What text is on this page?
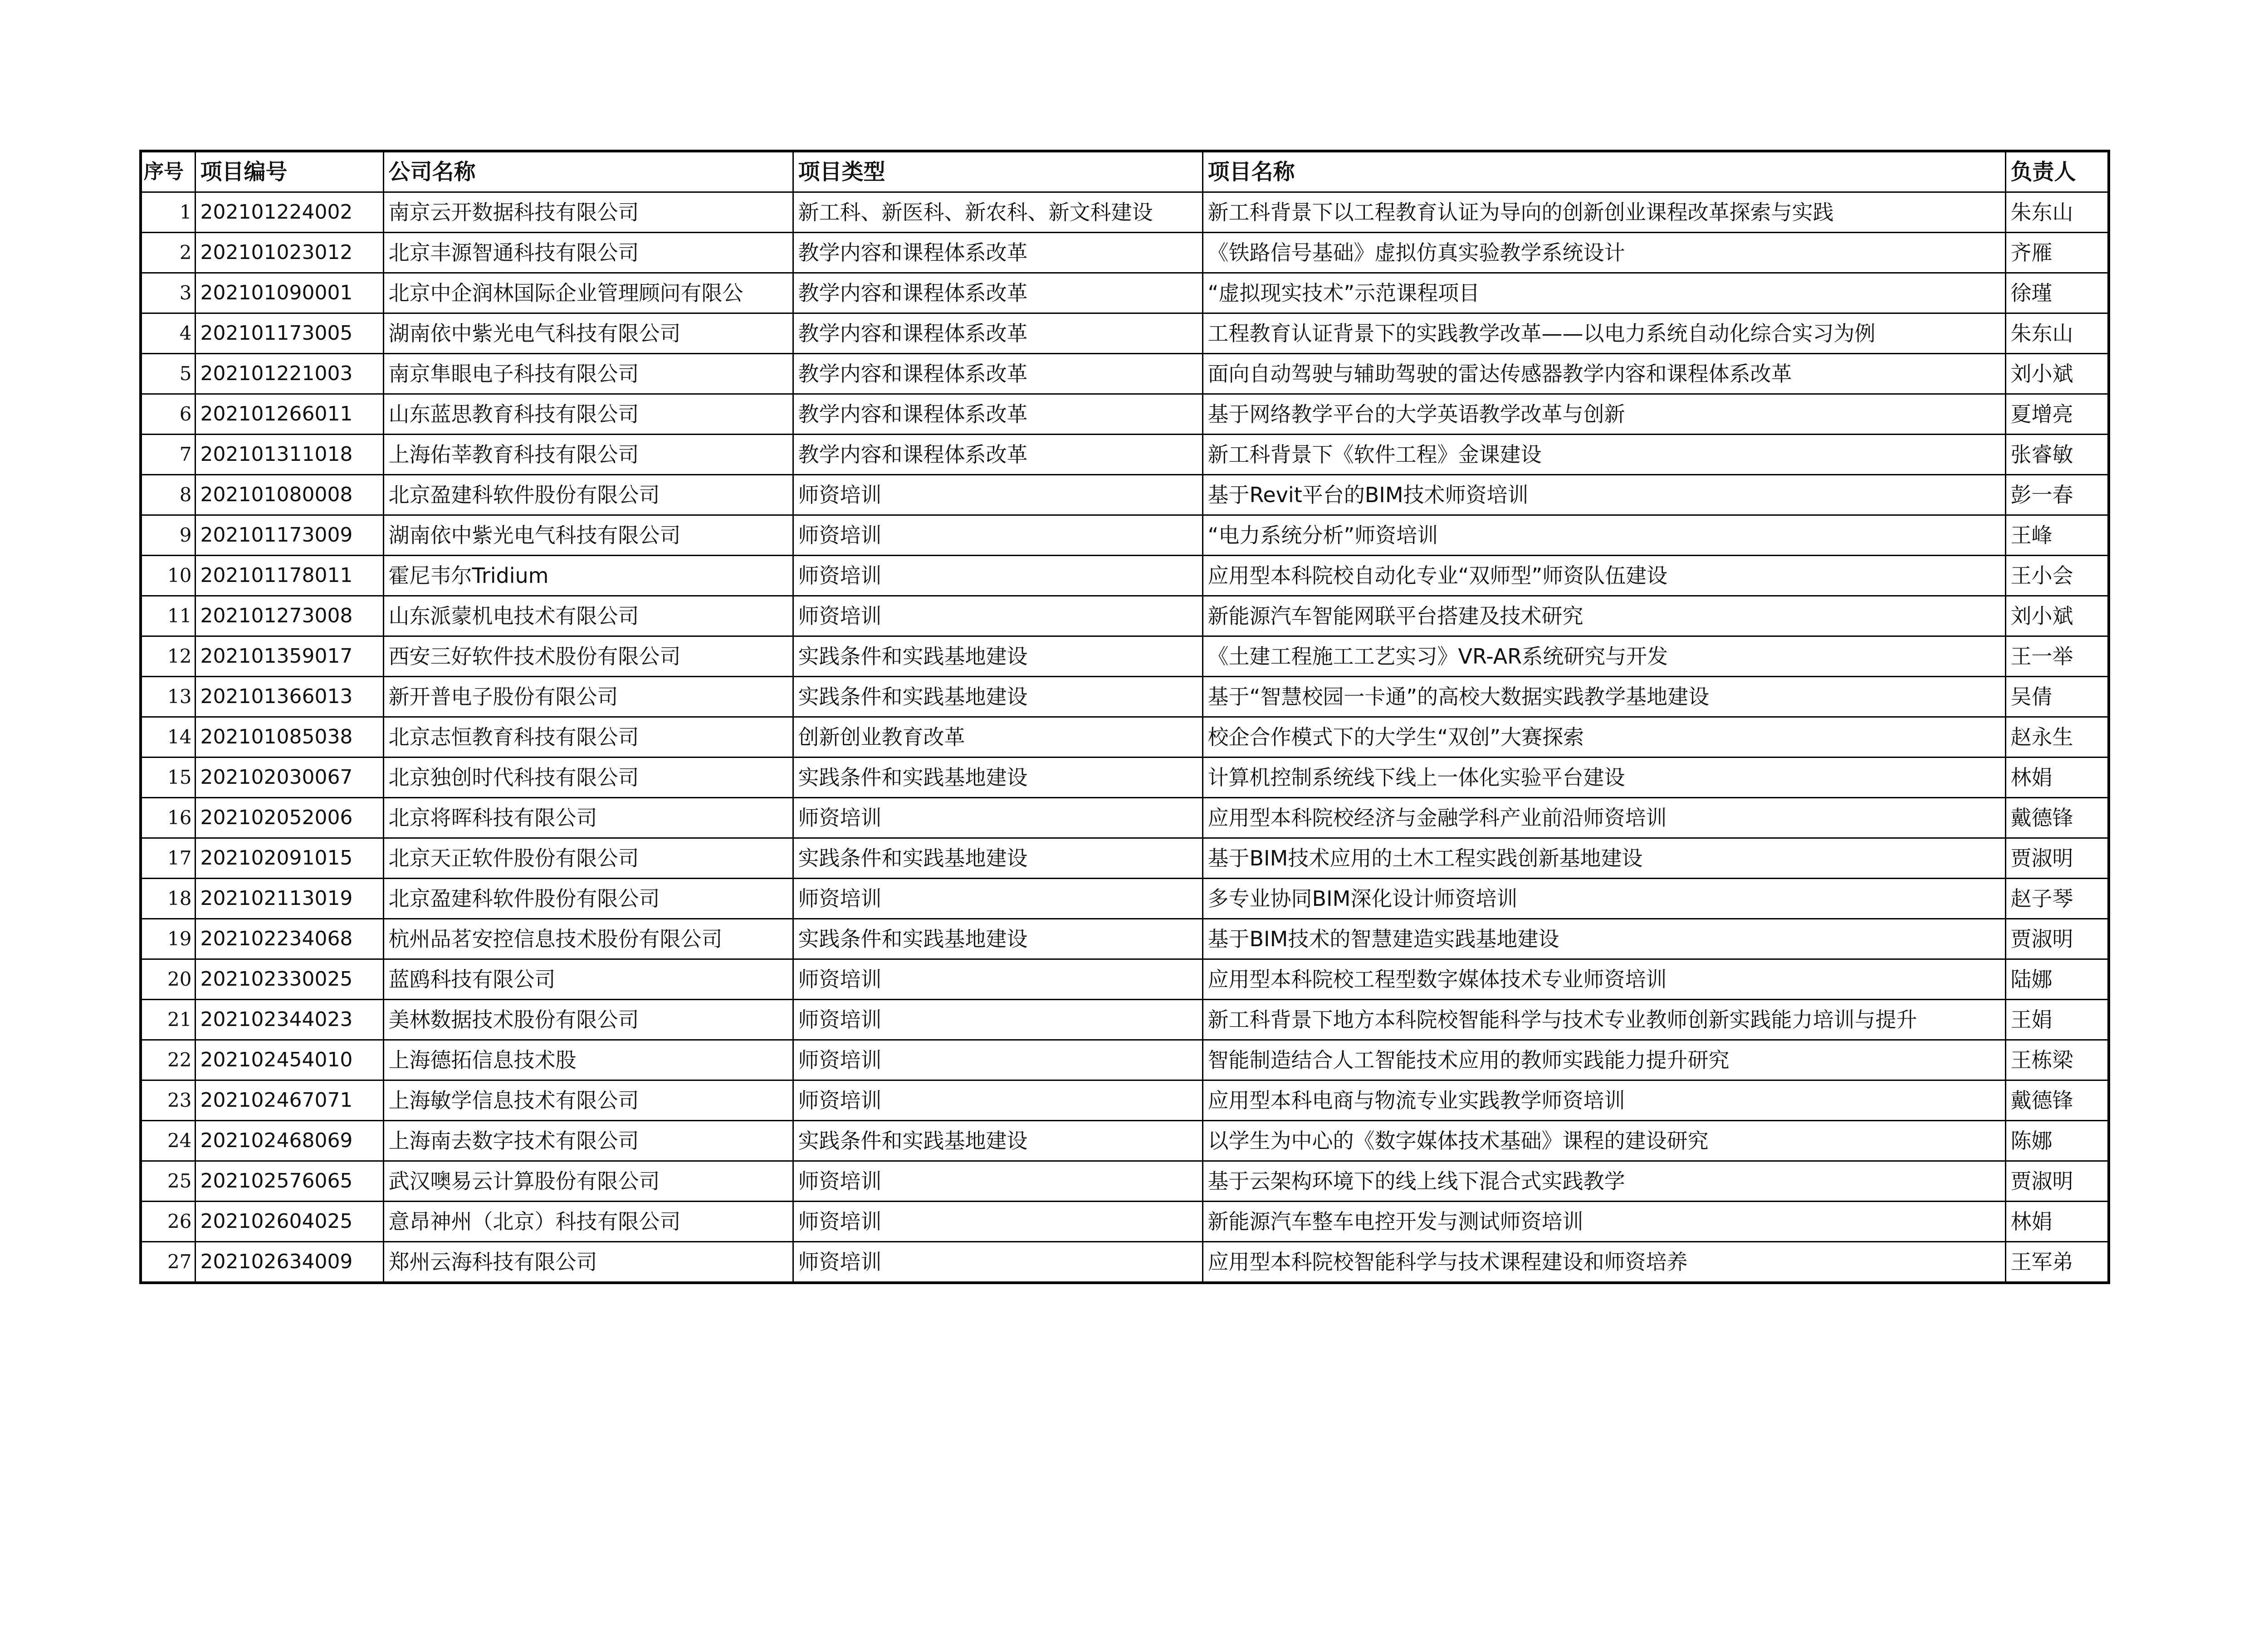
序号	项目编号	公司名称	项目类型	项目名称	负责人
1	202101224002	南京云开数据科技有限公司	新工科、新医科、新农科、新文科建设	新工科背景下以工程教育认证为导向的创新创业课程改革探索与实践	朱东山
2	202101023012	北京丰源智通科技有限公司	教学内容和课程体系改革	《铁路信号基础》虚拟仿真实验教学系统设计	齐雁
3	202101090001	北京中企润林国际企业管理顾问有限公	教学内容和课程体系改革	“虚拟现实技术”示范课程项目	徐瑾
4	202101173005	湖南依中紫光电气科技有限公司	教学内容和课程体系改革	工程教育认证背景下的实践教学改革——以电力系统自动化综合实习为例	朱东山
5	202101221003	南京隼眼电子科技有限公司	教学内容和课程体系改革	面向自动驾驶与辅助驾驶的雷达传感器教学内容和课程体系改革	刘小斌
6	202101266011	山东蓝思教育科技有限公司	教学内容和课程体系改革	基于网络教学平台的大学英语教学改革与创新	夏增亮
7	202101311018	上海佑莘教育科技有限公司	教学内容和课程体系改革	新工科背景下《软件工程》金课建设	张睿敏
8	202101080008	北京盈建科软件股份有限公司	师资培训	基于Revit平台的BIM技术师资培训	彭一春
9	202101173009	湖南依中紫光电气科技有限公司	师资培训	“电力系统分析”师资培训	王峰
10	202101178011	霍尼韦尔Tridium	师资培训	应用型本科院校自动化专业“双师型”师资队伍建设	王小会
11	202101273008	山东派蒙机电技术有限公司	师资培训	新能源汽车智能网联平台搭建及技术研究	刘小斌
12	202101359017	西安三好软件技术股份有限公司	实践条件和实践基地建设	《土建工程施工工艺实习》VR-AR系统研究与开发	王一举
13	202101366013	新开普电子股份有限公司	实践条件和实践基地建设	基于“智慧校园一卡通”的高校大数据实践教学基地建设	吴倩
14	202101085038	北京志恒教育科技有限公司	创新创业教育改革	校企合作模式下的大学生“双创”大赛探索	赵永生
15	202102030067	北京独创时代科技有限公司	实践条件和实践基地建设	计算机控制系统线下线上一体化实验平台建设	林娟
16	202102052006	北京将晖科技有限公司	师资培训	应用型本科院校经济与金融学科产业前沿师资培训	戴德锋
17	202102091015	北京天正软件股份有限公司	实践条件和实践基地建设	基于BIM技术应用的土木工程实践创新基地建设	贾淑明
18	202102113019	北京盈建科软件股份有限公司	师资培训	多专业协同BIM深化设计师资培训	赵子琴
19	202102234068	杭州品茗安控信息技术股份有限公司	实践条件和实践基地建设	基于BIM技术的智慧建造实践基地建设	贾淑明
20	202102330025	蓝鸥科技有限公司	师资培训	应用型本科院校工程型数字媒体技术专业师资培训	陆娜
21	202102344023	美林数据技术股份有限公司	师资培训	新工科背景下地方本科院校智能科学与技术专业教师创新实践能力培训与提升	王娟
22	202102454010	上海德拓信息技术股	师资培训	智能制造结合人工智能技术应用的教师实践能力提升研究	王栋梁
23	202102467071	上海敏学信息技术有限公司	师资培训	应用型本科电商与物流专业实践教学师资培训	戴德锋
24	202102468069	上海南去数字技术有限公司	实践条件和实践基地建设	以学生为中心的《数字媒体技术基础》课程的建设研究	陈娜
25	202102576065	武汉噢易云计算股份有限公司	师资培训	基于云架构环境下的线上线下混合式实践教学	贾淑明
26	202102604025	意昂神州（北京）科技有限公司	师资培训	新能源汽车整车电控开发与测试师资培训	林娟
27	202102634009	郑州云海科技有限公司	师资培训	应用型本科院校智能科学与技术课程建设和师资培养	王军弟
